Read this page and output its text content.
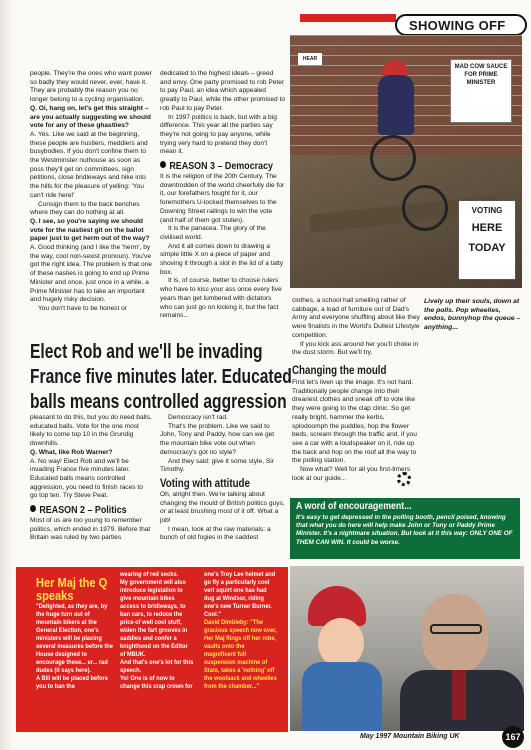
SHOWING OFF

people. They're the ones who want power so badly they would never, ever, have it. They are probably the reason you no longer belong to a cycling organisation.

Q. Oi, hang on, let's get this straight – are you actually suggesting we should vote for any of these ghastlies?

A. Yes. Like we said at the beginning, these people are hustlers, meddlers and busybodies. If you don't confine them to the Westminster nuthouse as soon as poss they'll get on committees, sign petitions, close bridleways and hike into the hills for the pleasure of yelling: 'You can't ride here!'

Consign them to the back benches where they can do nothing at all.

Q. I see, so you're saying we should vote for the nastiest git on the ballot paper just to get herm out of the way?

A. Good thinking (and I like the 'herm', by the way, cool non-sexist pronoun). You've got the right idea. The problem is that one of these nasties is going to end up Prime Minister and once, just once in a while, a Prime Minister has to take an important and hugely risky decision.

You don't have to be honest or

dedicated to the highest ideals – greed and envy. One party promised to rob Peter to pay Paul, an idea which appealed greatly to Paul, while the other promised to rob Paul to pay Peter.

In 1997 politics is back, but with a big difference. This year all the parties say they're not going to pay anyone, while trying very hard to pretend they don't mean it.

REASON 3 – Democracy

It is the religion of the 20th Century. The downtrodden of the world cheerfully die for it, our forefathers fought for it, our foremothers U-locked themselves to the Downing Street railings to win the vote (and half of them got stolen).

It is the panacea. The glory of the civilised world.

And it all comes down to drawing a simple little X on a piece of paper and shoving it through a slot in the lid of a tatty box.

It is, of course, better to choose rulers who have to kiss your ass once every five years than get lumbered with dictators who can just go on kicking it, but the fact remains...

HEAR
MAD COW SAUCE FOR PRIME MINISTER
VOTING
HERE
TODAY

clothes, a school hall smelling rather of cabbage, a load of furniture out of Dad's Army and everyone shuffling about like they were finalists in the World's Dullest Lifestyle competition.

If you kick ass around her you'll choke in the dust storm. But we'll try.

Lively up their souls, down at the polls. Pop wheelies, endos, bunnyhop the queue – anything...
Changing the mould

First let's liven up the image. It's not hard. Traditionally people change into their dreariest clothes and sneak off to vote like they were going to the clap clinic. So get really bright, hammer the kerbs, splodoomph the puddles, hop the flower beds, scream through the traffic and, if you see a car with a loudspeaker on it, ride up the back and hop on the roof all the way to the polling station.

Now what? Well for all you first-timers look at our guide...

Elect Rob and we'll be invading
France five minutes later. Educated
balls means controlled aggression

pleasant to do this, but you do need balls, educated balls. Vote for the one most likely to come top 10 in the Grundig downhills.

Q. What, like Rob Warner?

A. No way! Elect Rob and we'll be invading France five minutes later. Educated balls means controlled aggression, you need to finish races to go top ten. Try Steve Peat.

REASON 2 – Politics

Most of us are too young to remember politics, which ended in 1979. Before that Britain was ruled by two parties

Democracy isn't rad.

That's the problem. Like we said to John, Tony and Paddy, how can we get the mountain bike vote out when democracy's got no style?

And they said: give it some style, Sir Timothy.

Voting with attitude

Oh, alright then. We're talking about changing the mould of British politics guys, or at least brushing most of it off. What a job!

I mean, look at the raw materials: a bunch of old fogies in the saddest

A word of encouragement...
It's easy to get depressed in the polling booth, pencil poised, knowing that what you do here will help make John or Tony or Paddy Prime Minister. It's a nightmare situation. But look at it this way: ONLY ONE OF THEM CAN WIN. It could be worse.
Her Maj the Q
speaks
"Delighted, as they are, by the huge turn out of mountain bikers at the General Election, one's ministers will be placing several measures before the House designed to encourage these... er... rad dudes (it says here).
A Bill will be placed before you to ban the
wearing of red socks.
My government will also introduce legislation to give mountain bikes access to bridleways, to ban cars, to reduce the price of well cool stuff, widen the fart grooves in saddles and confer a knighthood on the Editor of MBUK.
And that's one's lot for this speech.
Yo! One is of now to change this crap crown for
one's Troy Lee helmet and go fly a particularly cool vert squirt one has had dug at Windsor, riding one's new Turner Burner.
Cool."
David Dimbleby: "The gracious speech now over, Her Maj flings off her robe, vaults onto the magnificent full suspension machine of State, takes a 'nothing' off the woolsack and wheelies from the chamber..."
May 1997 Mountain Biking UK	167
